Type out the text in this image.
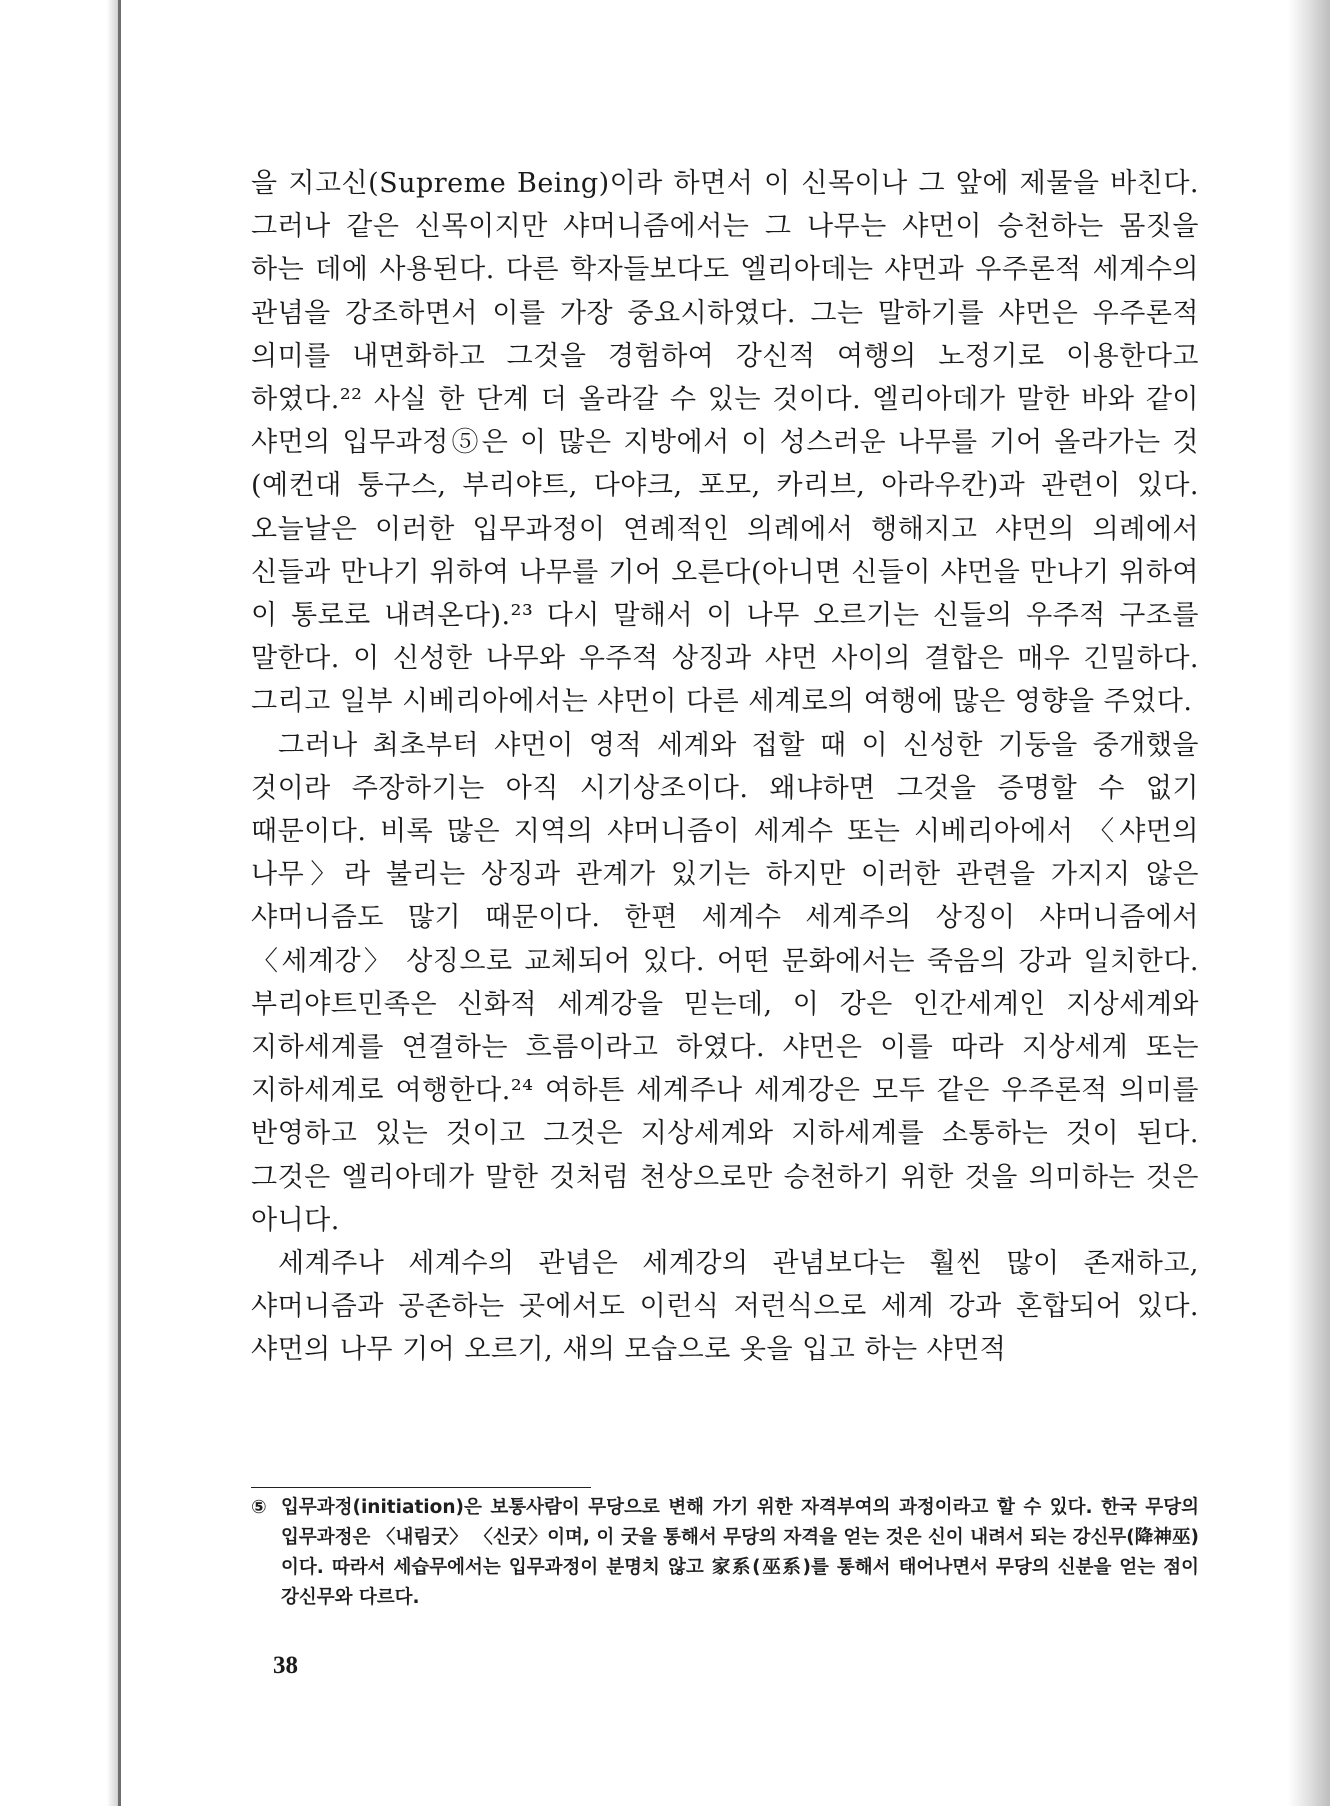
을 지고신(Supreme Being)이라 하면서 이 신목이나 그 앞에 제물을 바친다. 그러나 같은 신목이지만 샤머니즘에서는 그 나무는 샤먼이 승천하는 몸짓을 하는 데에 사용된다. 다른 학자들보다도 엘리아데는 샤먼과 우주론적 세계수의 관념을 강조하면서 이를 가장 중요시하였다. 그는 말하기를 샤먼은 우주론적 의미를 내면화하고 그것을 경험하여 강신적 여행의 노정기로 이용한다고 하였다.²² 사실 한 단계 더 올라갈 수 있는 것이다. 엘리아데가 말한 바와 같이 샤먼의 입무과정⑤은 이 많은 지방에서 이 성스러운 나무를 기어 올라가는 것(예컨대 퉁구스, 부리야트, 다야크, 포모, 카리브, 아라우칸)과 관련이 있다. 오늘날은 이러한 입무과정이 연례적인 의례에서 행해지고 샤먼의 의례에서 신들과 만나기 위하여 나무를 기어 오른다(아니면 신들이 샤먼을 만나기 위하여 이 통로로 내려온다).²³ 다시 말해서 이 나무 오르기는 신들의 우주적 구조를 말한다. 이 신성한 나무와 우주적 상징과 샤먼 사이의 결합은 매우 긴밀하다. 그리고 일부 시베리아에서는 샤먼이 다른 세계로의 여행에 많은 영향을 주었다.

그러나 최초부터 샤먼이 영적 세계와 접할 때 이 신성한 기둥을 중개했을 것이라 주장하기는 아직 시기상조이다. 왜냐하면 그것을 증명할 수 없기 때문이다. 비록 많은 지역의 샤머니즘이 세계수 또는 시베리아에서 〈샤먼의 나무〉라 불리는 상징과 관계가 있기는 하지만 이러한 관련을 가지지 않은 샤머니즘도 많기 때문이다. 한편 세계수 세계주의 상징이 샤머니즘에서 〈세계강〉 상징으로 교체되어 있다. 어떤 문화에서는 죽음의 강과 일치한다. 부리야트민족은 신화적 세계강을 믿는데, 이 강은 인간세계인 지상세계와 지하세계를 연결하는 흐름이라고 하였다. 샤먼은 이를 따라 지상세계 또는 지하세계로 여행한다.²⁴ 여하튼 세계주나 세계강은 모두 같은 우주론적 의미를 반영하고 있는 것이고 그것은 지상세계와 지하세계를 소통하는 것이 된다. 그것은 엘리아데가 말한 것처럼 천상으로만 승천하기 위한 것을 의미하는 것은 아니다.

세계주나 세계수의 관념은 세계강의 관념보다는 훨씬 많이 존재하고, 샤머니즘과 공존하는 곳에서도 이런식 저런식으로 세계 강과 혼합되어 있다. 샤먼의 나무 기어 오르기, 새의 모습으로 옷을 입고 하는 샤먼적

⑤ 입무과정(initiation)은 보통사람이 무당으로 변해 가기 위한 자격부여의 과정이라고 할 수 있다. 한국 무당의 입무과정은 〈내림굿〉 〈신굿〉이며, 이 굿을 통해서 무당의 자격을 얻는 것은 신이 내려서 되는 강신무(降神巫)이다. 따라서 세습무에서는 입무과정이 분명치 않고 家系(巫系)를 통해서 태어나면서 무당의 신분을 얻는 점이 강신무와 다르다.
38
